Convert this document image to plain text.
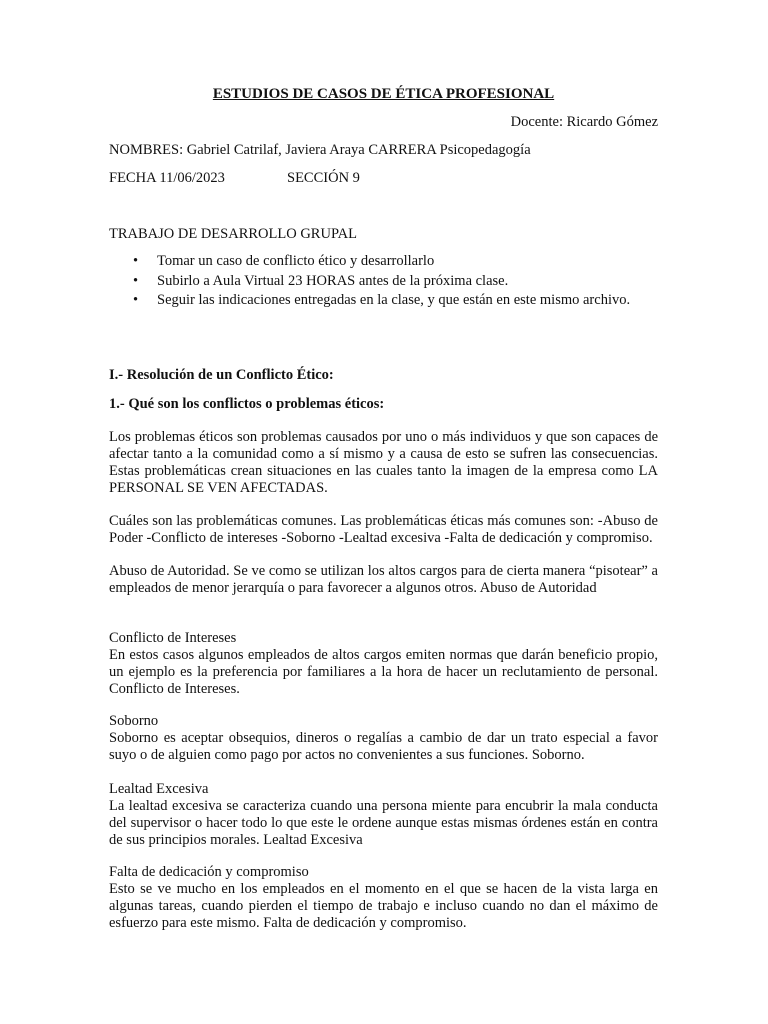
ESTUDIOS DE CASOS DE ÉTICA PROFESIONAL
Docente: Ricardo Gómez
NOMBRES: Gabriel Catrilaf, Javiera Araya CARRERA Psicopedagogía
FECHA 11/06/2023	SECCIÓN 9
TRABAJO DE DESARROLLO GRUPAL
• Tomar un caso de conflicto ético y desarrollarlo
• Subirlo a Aula Virtual 23 HORAS antes de la próxima clase.
• Seguir las indicaciones entregadas en la clase, y que están en este mismo archivo.
I.- Resolución de un Conflicto Ético:
1.- Qué son los conflictos o problemas éticos:

Los problemas éticos son problemas causados por uno o más individuos y que son capaces de afectar tanto a la comunidad como a sí mismo y a causa de esto se sufren las consecuencias. Estas problemáticas crean situaciones en las cuales tanto la imagen de la empresa como LA PERSONAL SE VEN AFECTADAS.

Cuáles son las problemáticas comunes. Las problemáticas éticas más comunes son: -Abuso de Poder -Conflicto de intereses -Soborno -Lealtad excesiva -Falta de dedicación y compromiso.

Abuso de Autoridad. Se ve como se utilizan los altos cargos para de cierta manera “pisotear” a empleados de menor jerarquía o para favorecer a algunos otros. Abuso de Autoridad

Conflicto de Intereses

En estos casos algunos empleados de altos cargos emiten normas que darán beneficio propio, un ejemplo es la preferencia por familiares a la hora de hacer un reclutamiento de personal. Conflicto de Intereses.

Soborno

Soborno es aceptar obsequios, dineros o regalías a cambio de dar un trato especial a favor suyo o de alguien como pago por actos no convenientes a sus funciones. Soborno.

Lealtad Excesiva

La lealtad excesiva se caracteriza cuando una persona miente para encubrir la mala conducta del supervisor o hacer todo lo que este le ordene aunque estas mismas órdenes están en contra de sus principios morales. Lealtad Excesiva

Falta de dedicación y compromiso

Esto se ve mucho en los empleados en el momento en el que se hacen de la vista larga en algunas tareas, cuando pierden el tiempo de trabajo e incluso cuando no dan el máximo de esfuerzo para este mismo. Falta de dedicación y compromiso.
